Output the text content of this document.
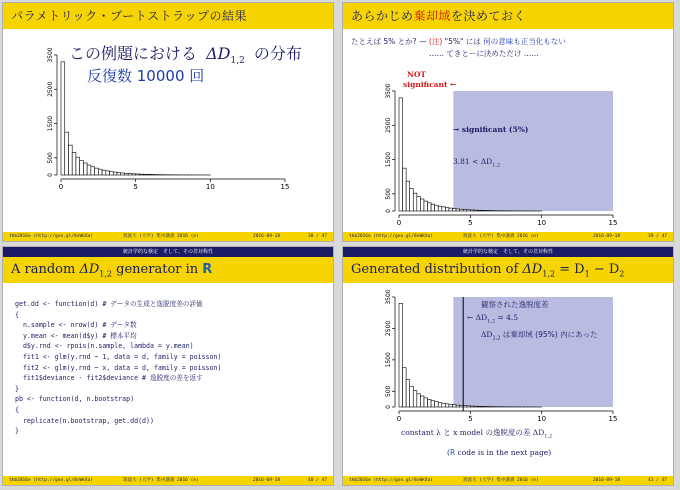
パラメトリック・ブートストラップの結果
0	5	10	15
0
500
1500
2500
3500 この例題における $\Delta D_{1,2}$ の分布
反復数 10000 回
tkb2016e (http://goo.gl/8vWkXa)	筑波大 (大学) 集中講義 2016 (e)	2016-09-18	38 / 47
あらかじめ棄却域を決めておく
たとえば 5% とか? — (注) "5%" には 何の意味も正当化もない
…… てきとーに決めただけ ……
0	5	10	15
0
500
1500
2500
3500
NOT
significant ←
→ significant (5%)
$3.81 < \Delta D_{1,2}$
tkb2016e (http://goo.gl/8vWkXa)	筑波大 (大学) 集中講義 2016 (e)	2016-09-18	39 / 47
統計学的な検定　そして、その非対称性
A random $\Delta D_{1,2}$ generator in R
get.dd <- function(d) # データの生成と逸脱度差の評価
{
n.sample <- nrow(d) # データ数
y.mean <- mean(d$y) # 標本平均
d$y.rnd <- rpois(n.sample, lambda = y.mean)
fit1 <- glm(y.rnd ~ 1, data = d, family = poisson)
fit2 <- glm(y.rnd ~ x, data = d, family = poisson)
fit1$deviance - fit2$deviance # 逸脱度の差を返す
}
pb <- function(d, n.bootstrap)
{
replicate(n.bootstrap, get.dd(d))
}
tkb2016e (http://goo.gl/8vWkXa)	筑波大 (大学) 集中講義 2016 (e)	2016-09-18	40 / 47
統計学的な検定　そして、その非対称性
Generated distribution of $\Delta D_{1,2} = D_1 - D_2$
0	5	10	15
0
500
1500
2500
3500	観察された逸脱度差
← $\Delta D_{1,2} = 4.5$
$\Delta D_{1,2}$ は棄却域 (95%) 内にあった
constant λ と x model の逸脱度の差 $\Delta D_{1,2}$
(R code is in the next page)
tkb2016e (http://goo.gl/8vWkXa)	筑波大 (大学) 集中講義 2016 (e)	2016-09-18	41 / 47
